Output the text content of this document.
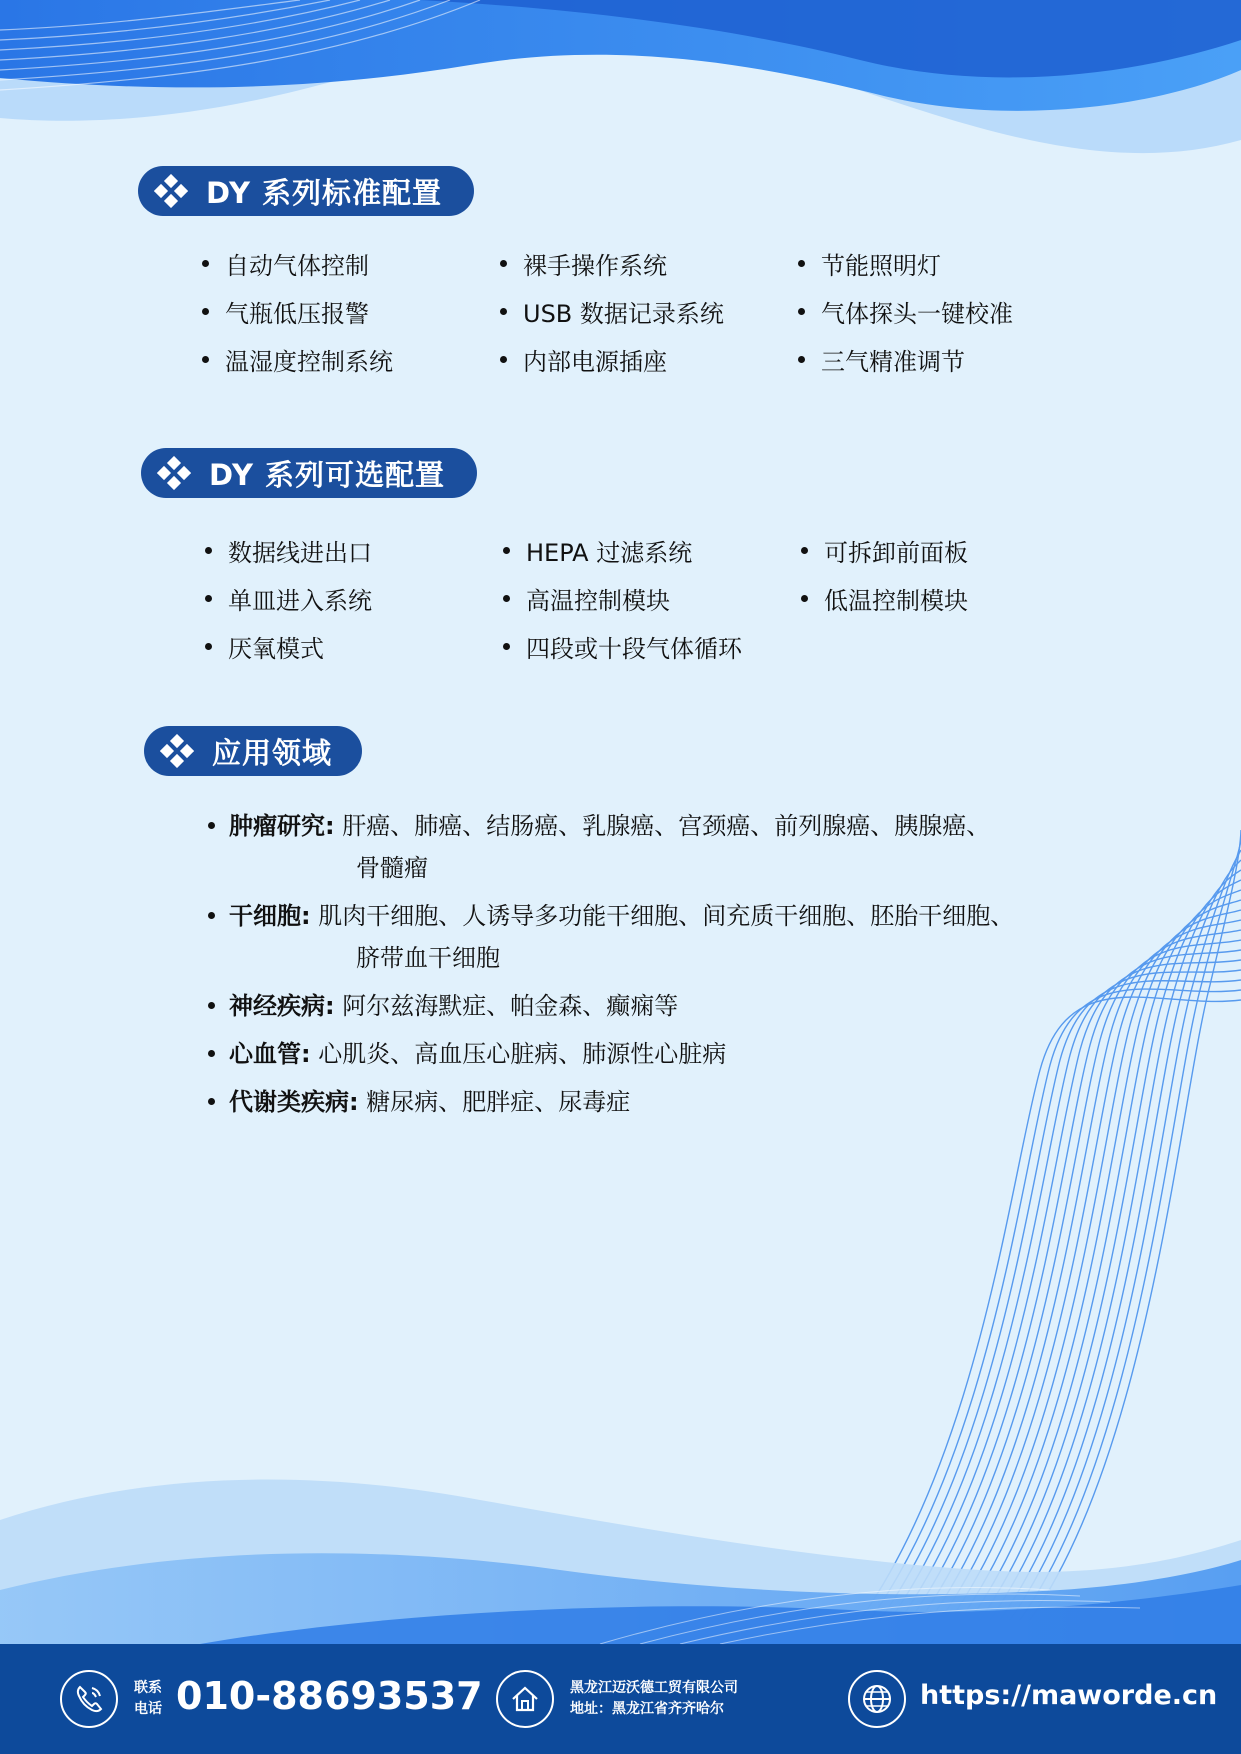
DY 系列标准配置
自动气体控制	裸手操作系统	节能照明灯
气瓶低压报警	USB 数据记录系统	气体探头一键校准
温湿度控制系统	内部电源插座	三气精准调节
DY 系列可选配置
数据线进出口	HEPA 过滤系统	可拆卸前面板
单皿进入系统	高温控制模块	低温控制模块
厌氧模式	四段或十段气体循环
应用领域
肿瘤研究: 肝癌、肺癌、结肠癌、乳腺癌、宫颈癌、前列腺癌、胰腺癌、
骨髓瘤
干细胞: 肌肉干细胞、人诱导多功能干细胞、间充质干细胞、胚胎干细胞、
脐带血干细胞
神经疾病: 阿尔兹海默症、帕金森、癫痫等
心血管: 心肌炎、高血压心脏病、肺源性心脏病
代谢类疾病: 糖尿病、肥胖症、尿毒症
联系
电话 010-88693537	黑龙江迈沃德工贸有限公司
地址：黑龙江省齐齐哈尔	https://maworde.cn
